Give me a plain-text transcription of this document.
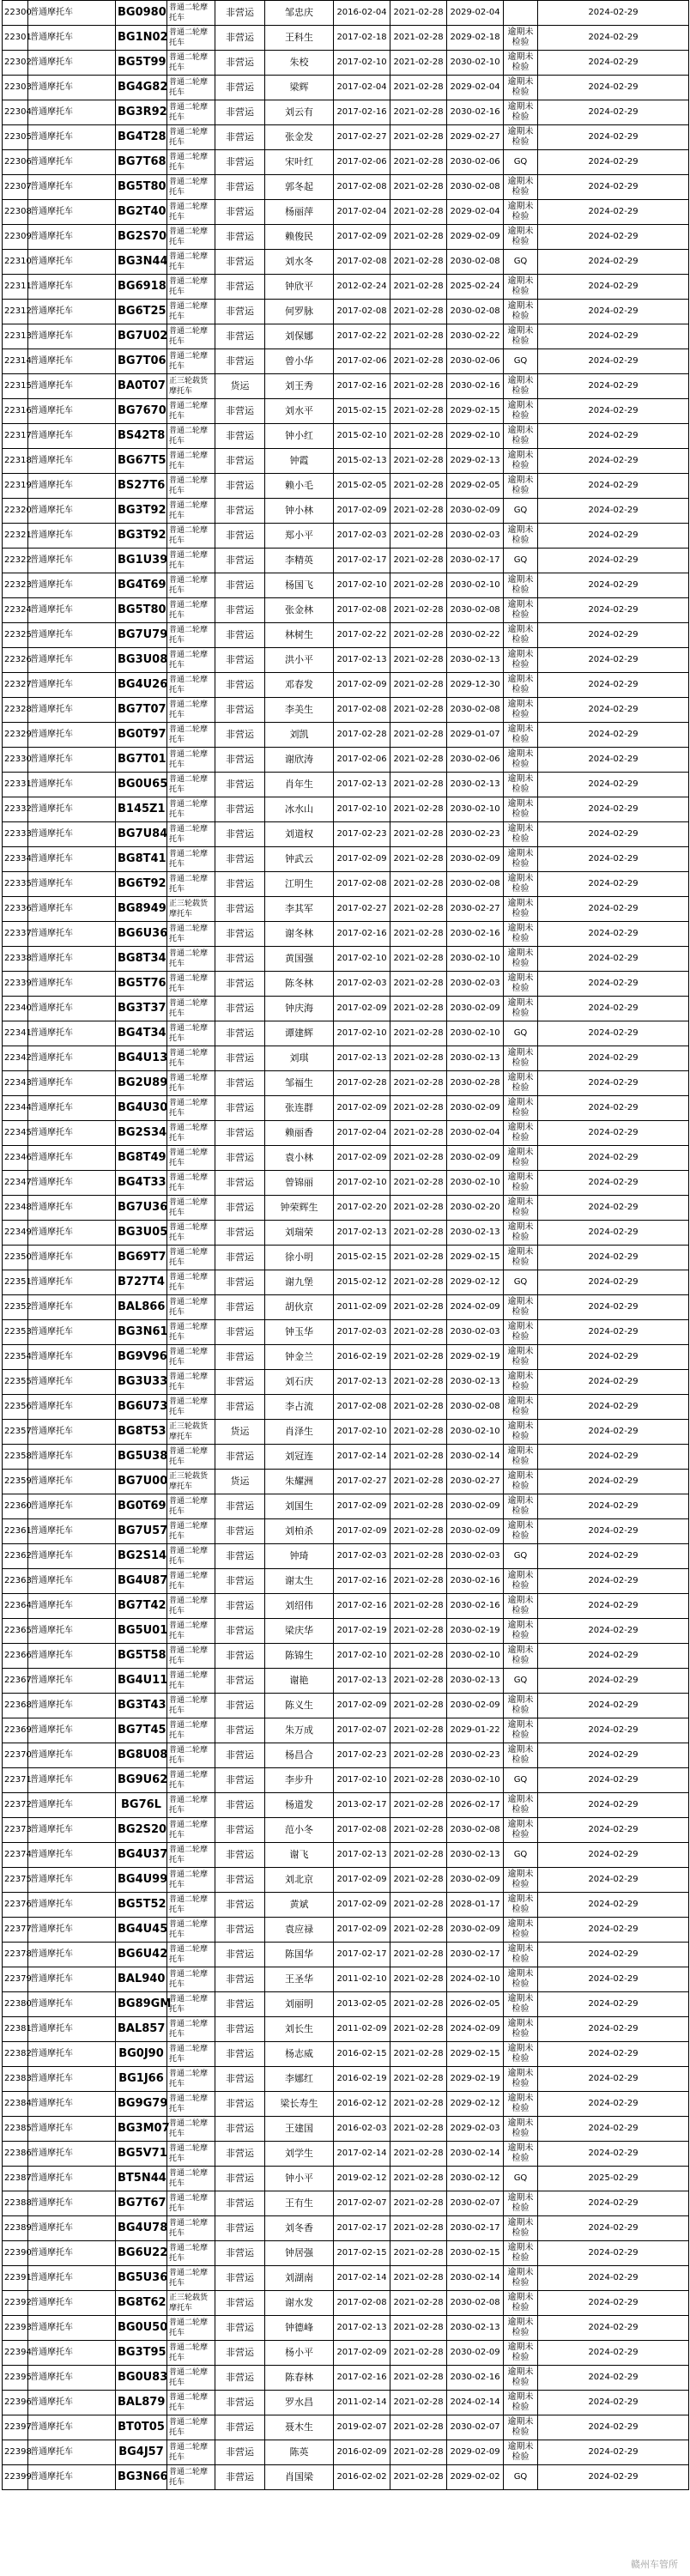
22300	普通摩托车	BG0980	普通二轮摩托车	非营运	邹忠庆	2016-02-04	2021-02-28	2029-02-04		2024-02-29
22301	普通摩托车	BG1N02	普通二轮摩托车	非营运	王科生	2017-02-18	2021-02-28	2029-02-18	逾期未检验	2024-02-29
22302	普通摩托车	BG5T99	普通二轮摩托车	非营运	朱校	2017-02-10	2021-02-28	2030-02-10	逾期未检验	2024-02-29
22303	普通摩托车	BG4G82	普通二轮摩托车	非营运	梁辉	2017-02-04	2021-02-28	2029-02-04	逾期未检验	2024-02-29
22304	普通摩托车	BG3R92	普通二轮摩托车	非营运	刘云有	2017-02-16	2021-02-28	2030-02-16	逾期未检验	2024-02-29
22305	普通摩托车	BG4T28	普通二轮摩托车	非营运	张金发	2017-02-27	2021-02-28	2029-02-27	逾期未检验	2024-02-29
22306	普通摩托车	BG7T68	普通二轮摩托车	非营运	宋叶红	2017-02-06	2021-02-28	2030-02-06	GQ	2024-02-29
22307	普通摩托车	BG5T80	普通二轮摩托车	非营运	郭冬起	2017-02-08	2021-02-28	2030-02-08	逾期未检验	2024-02-29
22308	普通摩托车	BG2T40	普通二轮摩托车	非营运	杨丽萍	2017-02-04	2021-02-28	2029-02-04	逾期未检验	2024-02-29
22309	普通摩托车	BG2S70	普通二轮摩托车	非营运	赖俊民	2017-02-09	2021-02-28	2029-02-09	逾期未检验	2024-02-29
22310	普通摩托车	BG3N44	普通二轮摩托车	非营运	刘水冬	2017-02-08	2021-02-28	2030-02-08	GQ	2024-02-29
22311	普通摩托车	BG6918	普通二轮摩托车	非营运	钟欣平	2012-02-24	2021-02-28	2025-02-24	逾期未检验	2024-02-29
22312	普通摩托车	BG6T25	普通二轮摩托车	非营运	何罗脉	2017-02-08	2021-02-28	2030-02-08	逾期未检验	2024-02-29
22313	普通摩托车	BG7U02	普通二轮摩托车	非营运	刘保娜	2017-02-22	2021-02-28	2030-02-22	逾期未检验	2024-02-29
22314	普通摩托车	BG7T06	普通二轮摩托车	非营运	曾小华	2017-02-06	2021-02-28	2030-02-06	GQ	2024-02-29
22315	普通摩托车	BA0T07	正三轮载货摩托车	货运	刘王秀	2017-02-16	2021-02-28	2030-02-16	逾期未检验	2024-02-29
22316	普通摩托车	BG7670	普通二轮摩托车	非营运	刘水平	2015-02-15	2021-02-28	2029-02-15	逾期未检验	2024-02-29
22317	普通摩托车	BS42T8	普通二轮摩托车	非营运	钟小红	2015-02-10	2021-02-28	2029-02-10	逾期未检验	2024-02-29
22318	普通摩托车	BG67T5	普通二轮摩托车	非营运	钟霞	2015-02-13	2021-02-28	2029-02-13	逾期未检验	2024-02-29
22319	普通摩托车	BS27T6	普通二轮摩托车	非营运	赖小毛	2015-02-05	2021-02-28	2029-02-05	逾期未检验	2024-02-29
22320	普通摩托车	BG3T92	普通二轮摩托车	非营运	钟小林	2017-02-09	2021-02-28	2030-02-09	GQ	2024-02-29
22321	普通摩托车	BG3T92	普通二轮摩托车	非营运	郑小平	2017-02-03	2021-02-28	2030-02-03	逾期未检验	2024-02-29
22322	普通摩托车	BG1U39	普通二轮摩托车	非营运	李精英	2017-02-17	2021-02-28	2030-02-17	GQ	2024-02-29
22323	普通摩托车	BG4T69	普通二轮摩托车	非营运	杨国飞	2017-02-10	2021-02-28	2030-02-10	逾期未检验	2024-02-29
22324	普通摩托车	BG5T80	普通二轮摩托车	非营运	张金林	2017-02-08	2021-02-28	2030-02-08	逾期未检验	2024-02-29
22325	普通摩托车	BG7U79	普通二轮摩托车	非营运	林树生	2017-02-22	2021-02-28	2030-02-22	逾期未检验	2024-02-29
22326	普通摩托车	BG3U08	普通二轮摩托车	非营运	洪小平	2017-02-13	2021-02-28	2030-02-13	逾期未检验	2024-02-29
22327	普通摩托车	BG4U26	普通二轮摩托车	非营运	邓春发	2017-02-09	2021-02-28	2029-12-30	逾期未检验	2024-02-29
22328	普通摩托车	BG7T07	普通二轮摩托车	非营运	李美生	2017-02-08	2021-02-28	2030-02-08	逾期未检验	2024-02-29
22329	普通摩托车	BG0T97	普通二轮摩托车	非营运	刘凯	2017-02-28	2021-02-28	2029-01-07	逾期未检验	2024-02-29
22330	普通摩托车	BG7T01	普通二轮摩托车	非营运	谢欣涛	2017-02-06	2021-02-28	2030-02-06	逾期未检验	2024-02-29
22331	普通摩托车	BG0U65	普通二轮摩托车	非营运	肖年生	2017-02-13	2021-02-28	2030-02-13	逾期未检验	2024-02-29
22332	普通摩托车	B145Z1	普通二轮摩托车	非营运	冰水山	2017-02-10	2021-02-28	2030-02-10	逾期未检验	2024-02-29
22333	普通摩托车	BG7U84	普通二轮摩托车	非营运	刘道权	2017-02-23	2021-02-28	2030-02-23	逾期未检验	2024-02-29
22334	普通摩托车	BG8T41	普通二轮摩托车	非营运	钟武云	2017-02-09	2021-02-28	2030-02-09	逾期未检验	2024-02-29
22335	普通摩托车	BG6T92	普通二轮摩托车	非营运	江明生	2017-02-08	2021-02-28	2030-02-08	逾期未检验	2024-02-29
22336	普通摩托车	BG8949	正三轮载货摩托车	非营运	李其军	2017-02-27	2021-02-28	2030-02-27	逾期未检验	2024-02-29
22337	普通摩托车	BG6U36	普通二轮摩托车	非营运	谢冬林	2017-02-16	2021-02-28	2030-02-16	逾期未检验	2024-02-29
22338	普通摩托车	BG8T34	普通二轮摩托车	非营运	黄国强	2017-02-10	2021-02-28	2030-02-10	逾期未检验	2024-02-29
22339	普通摩托车	BG5T76	普通二轮摩托车	非营运	陈冬林	2017-02-03	2021-02-28	2030-02-03	逾期未检验	2024-02-29
22340	普通摩托车	BG3T37	普通二轮摩托车	非营运	钟庆海	2017-02-09	2021-02-28	2030-02-09	逾期未检验	2024-02-29
22341	普通摩托车	BG4T34	普通二轮摩托车	非营运	谭建辉	2017-02-10	2021-02-28	2030-02-10	GQ	2024-02-29
22342	普通摩托车	BG4U13	普通二轮摩托车	非营运	刘琪	2017-02-13	2021-02-28	2030-02-13	逾期未检验	2024-02-29
22343	普通摩托车	BG2U89	普通二轮摩托车	非营运	邹福生	2017-02-28	2021-02-28	2030-02-28	逾期未检验	2024-02-29
22344	普通摩托车	BG4U30	普通二轮摩托车	非营运	张连群	2017-02-09	2021-02-28	2030-02-09	逾期未检验	2024-02-29
22345	普通摩托车	BG2S34	普通二轮摩托车	非营运	赖丽香	2017-02-04	2021-02-28	2030-02-04	逾期未检验	2024-02-29
22346	普通摩托车	BG8T49	普通二轮摩托车	非营运	袁小林	2017-02-09	2021-02-28	2030-02-09	逾期未检验	2024-02-29
22347	普通摩托车	BG4T33	普通二轮摩托车	非营运	曾锦丽	2017-02-10	2021-02-28	2030-02-10	逾期未检验	2024-02-29
22348	普通摩托车	BG7U36	普通二轮摩托车	非营运	钟荣辉生	2017-02-20	2021-02-28	2030-02-20	逾期未检验	2024-02-29
22349	普通摩托车	BG3U05	普通二轮摩托车	非营运	刘瑞荣	2017-02-13	2021-02-28	2030-02-13	逾期未检验	2024-02-29
22350	普通摩托车	BG69T7	普通二轮摩托车	非营运	徐小明	2015-02-15	2021-02-28	2029-02-15	逾期未检验	2024-02-29
22351	普通摩托车	B727T4	普通二轮摩托车	非营运	谢九堡	2015-02-12	2021-02-28	2029-02-12	GQ	2024-02-29
22352	普通摩托车	BAL866	普通二轮摩托车	非营运	胡伙京	2011-02-09	2021-02-28	2024-02-09	逾期未检验	2024-02-29
22353	普通摩托车	BG3N61	普通二轮摩托车	非营运	钟玉华	2017-02-03	2021-02-28	2030-02-03	逾期未检验	2024-02-29
22354	普通摩托车	BG9V96	普通二轮摩托车	非营运	钟金兰	2016-02-19	2021-02-28	2029-02-19	逾期未检验	2024-02-29
22355	普通摩托车	BG3U33	普通二轮摩托车	非营运	刘石庆	2017-02-13	2021-02-28	2030-02-13	逾期未检验	2024-02-29
22356	普通摩托车	BG6U73	普通二轮摩托车	非营运	李占流	2017-02-08	2021-02-28	2030-02-08	逾期未检验	2024-02-29
22357	普通摩托车	BG8T53	正三轮载货摩托车	货运	肖泽生	2017-02-10	2021-02-28	2030-02-10	逾期未检验	2024-02-29
22358	普通摩托车	BG5U38	普通二轮摩托车	非营运	刘冠连	2017-02-14	2021-02-28	2030-02-14	逾期未检验	2024-02-29
22359	普通摩托车	BG7U00	正三轮载货摩托车	货运	朱耀洲	2017-02-27	2021-02-28	2030-02-27	逾期未检验	2024-02-29
22360	普通摩托车	BG0T69	普通二轮摩托车	非营运	刘国生	2017-02-09	2021-02-28	2030-02-09	逾期未检验	2024-02-29
22361	普通摩托车	BG7U57	普通二轮摩托车	非营运	刘柏杀	2017-02-09	2021-02-28	2030-02-09	逾期未检验	2024-02-29
22362	普通摩托车	BG2S14	普通二轮摩托车	非营运	钟琦	2017-02-03	2021-02-28	2030-02-03	GQ	2024-02-29
22363	普通摩托车	BG4U87	普通二轮摩托车	非营运	谢太生	2017-02-16	2021-02-28	2030-02-16	逾期未检验	2024-02-29
22364	普通摩托车	BG7T42	普通二轮摩托车	非营运	刘绍伟	2017-02-16	2021-02-28	2030-02-16	逾期未检验	2024-02-29
22365	普通摩托车	BG5U01	普通二轮摩托车	非营运	梁庆华	2017-02-19	2021-02-28	2030-02-19	逾期未检验	2024-02-29
22366	普通摩托车	BG5T58	普通二轮摩托车	非营运	陈锦生	2017-02-10	2021-02-28	2030-02-10	逾期未检验	2024-02-29
22367	普通摩托车	BG4U11	普通二轮摩托车	非营运	谢艳	2017-02-13	2021-02-28	2030-02-13	GQ	2024-02-29
22368	普通摩托车	BG3T43	普通二轮摩托车	非营运	陈义生	2017-02-09	2021-02-28	2030-02-09	逾期未检验	2024-02-29
22369	普通摩托车	BG7T45	普通二轮摩托车	非营运	朱万成	2017-02-07	2021-02-28	2029-01-22	逾期未检验	2024-02-29
22370	普通摩托车	BG8U08	普通二轮摩托车	非营运	杨昌合	2017-02-23	2021-02-28	2030-02-23	逾期未检验	2024-02-29
22371	普通摩托车	BG9U62	普通二轮摩托车	非营运	李步升	2017-02-10	2021-02-28	2030-02-10	GQ	2024-02-29
22372	普通摩托车	BG76L	普通二轮摩托车	非营运	杨道发	2013-02-17	2021-02-28	2026-02-17	逾期未检验	2024-02-29
22373	普通摩托车	BG2S20	普通二轮摩托车	非营运	范小冬	2017-02-08	2021-02-28	2030-02-08	逾期未检验	2024-02-29
22374	普通摩托车	BG4U37	普通二轮摩托车	非营运	谢飞	2017-02-13	2021-02-28	2030-02-13	GQ	2024-02-29
22375	普通摩托车	BG4U99	普通二轮摩托车	非营运	刘北京	2017-02-09	2021-02-28	2030-02-09	逾期未检验	2024-02-29
22376	普通摩托车	BG5T52	普通二轮摩托车	非营运	黄斌	2017-02-09	2021-02-28	2028-01-17	逾期未检验	2024-02-29
22377	普通摩托车	BG4U45	普通二轮摩托车	非营运	袁应禄	2017-02-09	2021-02-28	2030-02-09	逾期未检验	2024-02-29
22378	普通摩托车	BG6U42	普通二轮摩托车	非营运	陈国华	2017-02-17	2021-02-28	2030-02-17	逾期未检验	2024-02-29
22379	普通摩托车	BAL940	普通二轮摩托车	非营运	王圣华	2011-02-10	2021-02-28	2024-02-10	逾期未检验	2024-02-29
22380	普通摩托车	BG89GM	普通二轮摩托车	非营运	刘丽明	2013-02-05	2021-02-28	2026-02-05	逾期未检验	2024-02-29
22381	普通摩托车	BAL857	普通二轮摩托车	非营运	刘长生	2011-02-09	2021-02-28	2024-02-09	逾期未检验	2024-02-29
22382	普通摩托车	BG0J90	普通二轮摩托车	非营运	杨志威	2016-02-15	2021-02-28	2029-02-15	逾期未检验	2024-02-29
22383	普通摩托车	BG1J66	普通二轮摩托车	非营运	李娜红	2016-02-19	2021-02-28	2029-02-19	逾期未检验	2024-02-29
22384	普通摩托车	BG9G79	普通二轮摩托车	非营运	梁长寿生	2016-02-12	2021-02-28	2029-02-12	逾期未检验	2024-02-29
22385	普通摩托车	BG3M07	普通二轮摩托车	非营运	王建国	2016-02-03	2021-02-28	2029-02-03	逾期未检验	2024-02-29
22386	普通摩托车	BG5V71	普通二轮摩托车	非营运	刘学生	2017-02-14	2021-02-28	2030-02-14	逾期未检验	2024-02-29
22387	普通摩托车	BT5N44	普通二轮摩托车	非营运	钟小平	2019-02-12	2021-02-28	2030-02-12	GQ	2025-02-29
22388	普通摩托车	BG7T67	普通二轮摩托车	非营运	王有生	2017-02-07	2021-02-28	2030-02-07	逾期未检验	2024-02-29
22389	普通摩托车	BG4U78	普通二轮摩托车	非营运	刘冬香	2017-02-17	2021-02-28	2030-02-17	逾期未检验	2024-02-29
22390	普通摩托车	BG6U22	普通二轮摩托车	非营运	钟居强	2017-02-15	2021-02-28	2030-02-15	逾期未检验	2024-02-29
22391	普通摩托车	BG5U36	普通二轮摩托车	非营运	刘湖南	2017-02-14	2021-02-28	2030-02-14	逾期未检验	2024-02-29
22392	普通摩托车	BG8T62	正三轮载货摩托车	非营运	谢水发	2017-02-08	2021-02-28	2030-02-08	逾期未检验	2024-02-29
22393	普通摩托车	BG0U50	普通二轮摩托车	非营运	钟德峰	2017-02-13	2021-02-28	2030-02-13	逾期未检验	2024-02-29
22394	普通摩托车	BG3T95	普通二轮摩托车	非营运	杨小平	2017-02-09	2021-02-28	2030-02-09	逾期未检验	2024-02-29
22395	普通摩托车	BG0U83	普通二轮摩托车	非营运	陈春林	2017-02-16	2021-02-28	2030-02-16	逾期未检验	2024-02-29
22396	普通摩托车	BAL879	普通二轮摩托车	非营运	罗水昌	2011-02-14	2021-02-28	2024-02-14	逾期未检验	2024-02-29
22397	普通摩托车	BT0T05	普通二轮摩托车	非营运	聂木生	2019-02-07	2021-02-28	2030-02-07	逾期未检验	2024-02-29
22398	普通摩托车	BG4J57	普通二轮摩托车	非营运	陈英	2016-02-09	2021-02-28	2029-02-09	逾期未检验	2024-02-29
22399	普通摩托车	BG3N66	普通二轮摩托车	非营运	肖国梁	2016-02-02	2021-02-28	2029-02-02	GQ	2024-02-29
赣州车管所
